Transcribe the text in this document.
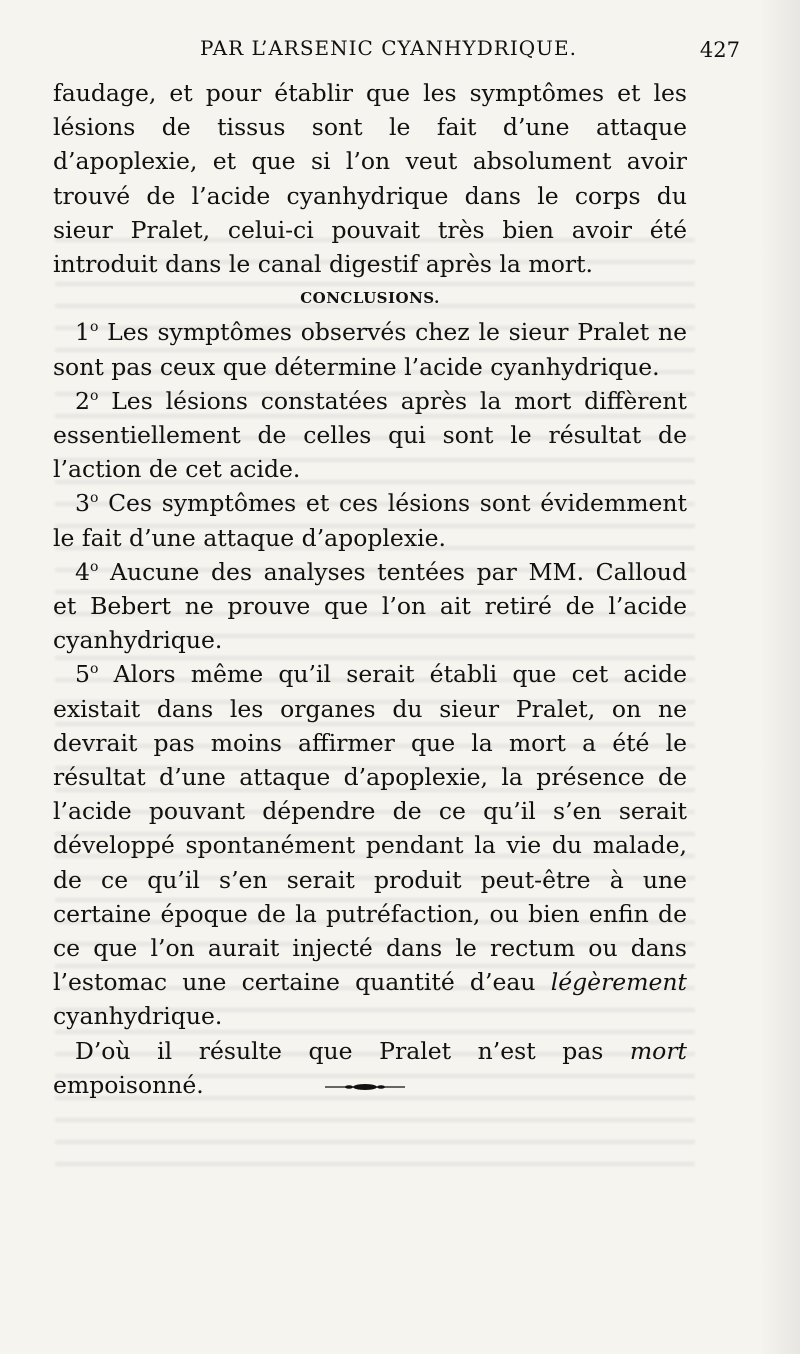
PAR L’ARSENIC CYANHYDRIQUE.	427

faudage, et pour établir que les symptômes et les lésions de tissus sont le fait d’une attaque d’apoplexie, et que si l’on veut absolument avoir trouvé de l’acide cyanhydrique dans le corps du sieur Pralet, celui-ci pouvait très bien avoir été introduit dans le canal digestif après la mort.

CONCLUSIONS.

1$^o$ Les symptômes observés chez le sieur Pralet ne sont pas ceux que détermine l’acide cyanhydrique.

2$^o$ Les lésions constatées après la mort diffèrent essentiellement de celles qui sont le résultat de l’action de cet acide.

3$^o$ Ces symptômes et ces lésions sont évidemment le fait d’une attaque d’apoplexie.

4$^o$ Aucune des analyses tentées par MM. Calloud et Bebert ne prouve que l’on ait retiré de l’acide cyanhydrique.

5$^o$ Alors même qu’il serait établi que cet acide existait dans les organes du sieur Pralet, on ne devrait pas moins affirmer que la mort a été le résultat d’une attaque d’apoplexie, la présence de l’acide pouvant dépendre de ce qu’il s’en serait développé spontanément pendant la vie du malade, de ce qu’il s’en serait produit peut-être à une certaine époque de la putréfaction, ou bien enfin de ce que l’on aurait injecté dans le rectum ou dans l’estomac une certaine quantité d’eau légèrement cyanhydrique.

D’où il résulte que Pralet n’est pas mort empoisonné.
